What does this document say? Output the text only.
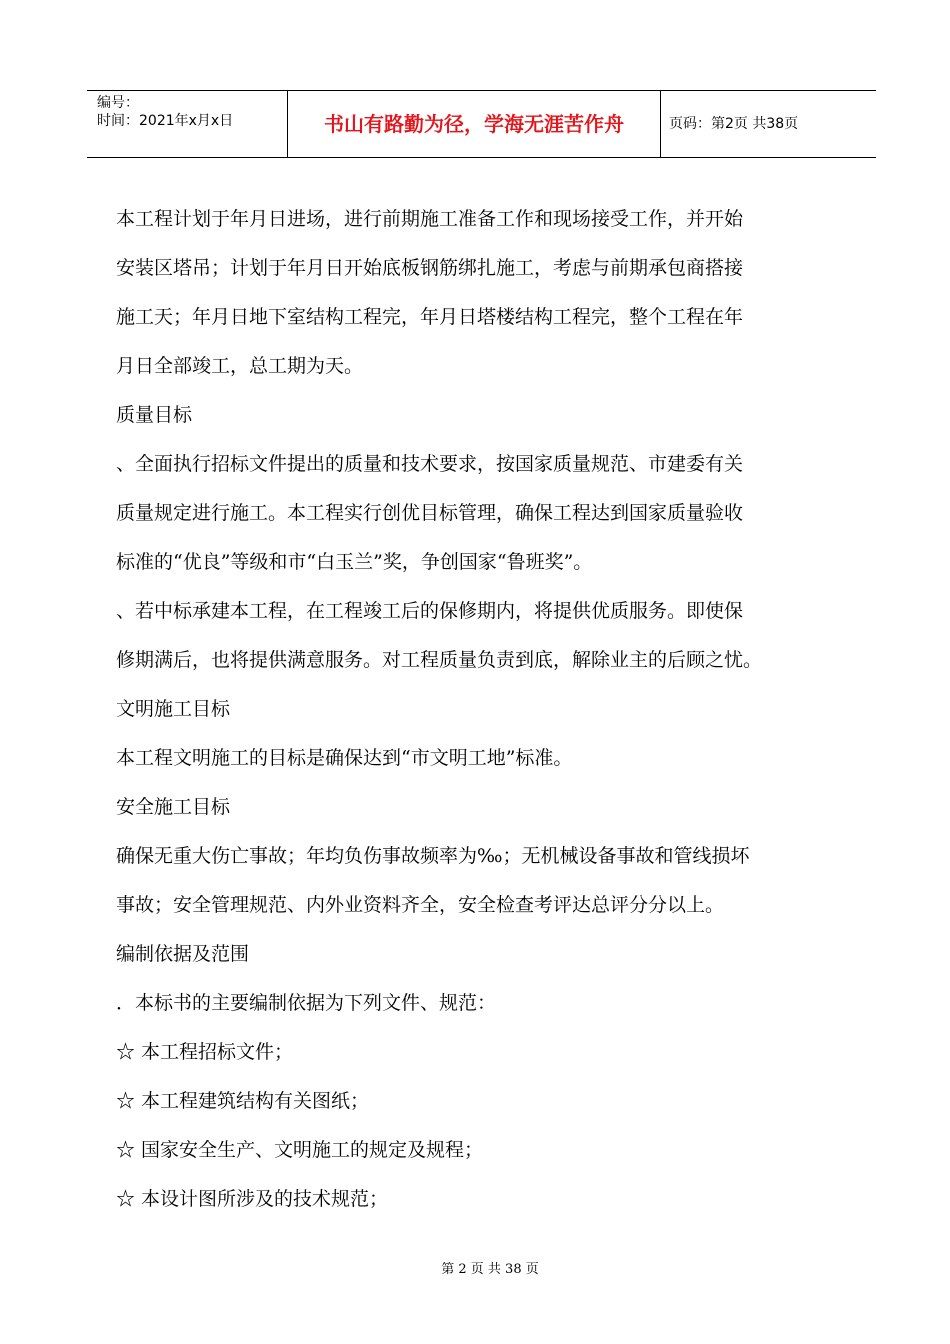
编号：
时间：2021年x月x日	书山有路勤为径，学海无涯苦作舟	页码：第2页 共38页

本工程计划于年月日进场，进行前期施工准备工作和现场接受工作，并开始

安装区塔吊；计划于年月日开始底板钢筋绑扎施工，考虑与前期承包商搭接

施工天；年月日地下室结构工程完，年月日塔楼结构工程完，整个工程在年

月日全部竣工，总工期为天。

质量目标

、全面执行招标文件提出的质量和技术要求，按国家质量规范、市建委有关

质量规定进行施工。本工程实行创优目标管理，确保工程达到国家质量验收

标准的“优良”等级和市“白玉兰”奖，争创国家“鲁班奖”。

、若中标承建本工程，在工程竣工后的保修期内，将提供优质服务。即使保

修期满后，也将提供满意服务。对工程质量负责到底，解除业主的后顾之忧。

文明施工目标

本工程文明施工的目标是确保达到“市文明工地”标准。

安全施工目标

确保无重大伤亡事故；年均负伤事故频率为‰；无机械设备事故和管线损坏

事故；安全管理规范、内外业资料齐全，安全检查考评达总评分分以上。

编制依据及范围

．本标书的主要编制依据为下列文件、规范：

☆ 本工程招标文件；

☆ 本工程建筑结构有关图纸；

☆ 国家安全生产、文明施工的规定及规程；

☆ 本设计图所涉及的技术规范；

第 2 页 共 38 页
